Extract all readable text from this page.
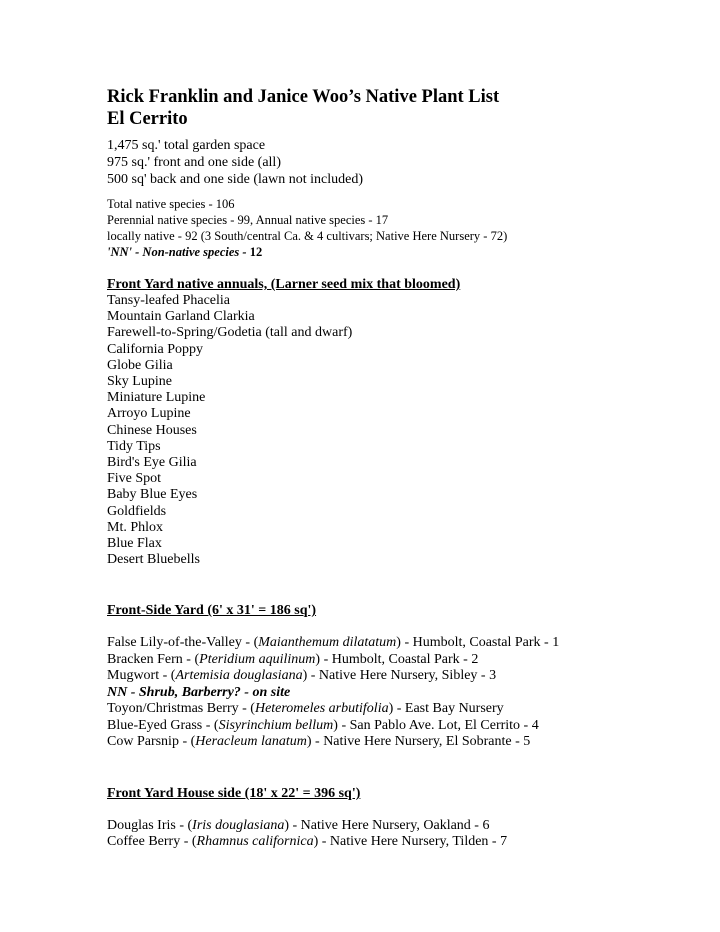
Rick Franklin and Janice Woo’s Native Plant List
El Cerrito
1,475 sq.' total garden space
975 sq.' front and one side (all)
500 sq' back and one side (lawn not included)
Total native species - 106
Perennial native species - 99, Annual native species - 17
locally native - 92 (3 South/central Ca. & 4 cultivars; Native Here Nursery - 72)
'NN' - Non-native species - 12
Front Yard native annuals, (Larner seed mix that bloomed)
Tansy-leafed Phacelia
Mountain Garland Clarkia
Farewell-to-Spring/Godetia (tall and dwarf)
California Poppy
Globe Gilia
Sky Lupine
Miniature Lupine
Arroyo Lupine
Chinese Houses
Tidy Tips
Bird's Eye Gilia
Five Spot
Baby Blue Eyes
Goldfields
Mt. Phlox
Blue Flax
Desert Bluebells
Front-Side Yard (6' x 31' = 186 sq')
False Lily-of-the-Valley - (Maianthemum dilatatum) - Humbolt, Coastal Park - 1
Bracken Fern - (Pteridium aquilinum) - Humbolt, Coastal Park - 2
Mugwort - (Artemisia douglasiana) - Native Here Nursery, Sibley - 3
NN - Shrub, Barberry? - on site
Toyon/Christmas Berry - (Heteromeles arbutifolia) - East Bay Nursery
Blue-Eyed Grass - (Sisyrinchium bellum) - San Pablo Ave. Lot, El Cerrito - 4
Cow Parsnip - (Heracleum lanatum) - Native Here Nursery, El Sobrante - 5
Front Yard House side (18' x 22' = 396 sq')
Douglas Iris - (Iris douglasiana) - Native Here Nursery, Oakland - 6
Coffee Berry - (Rhamnus californica) - Native Here Nursery, Tilden - 7
